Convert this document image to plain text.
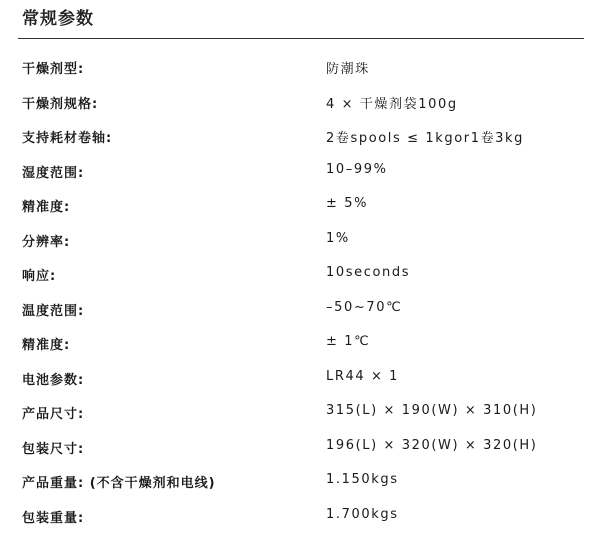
常规参数
干燥剂型:	防潮珠
干燥剂规格:	4 × 干燥剂袋100g
支持耗材卷轴:	2卷spools ≤ 1kgor1卷3kg
湿度范围:	10–99%
精准度:	± 5%
分辨率:	1%
响应:	10seconds
温度范围:	–50~70℃
精准度:	± 1℃
电池参数:	LR44 × 1
产品尺寸:	315(L) × 190(W) × 310(H)
包装尺寸:	196(L) × 320(W) × 320(H)
产品重量: (不含干燥剂和电线)	1.150kgs
包装重量:	1.700kgs
